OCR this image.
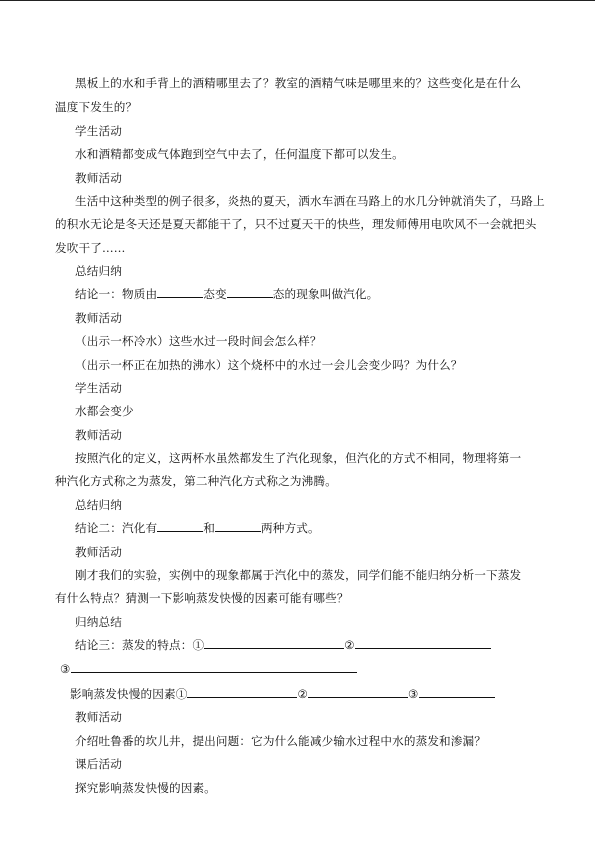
黑板上的水和手背上的酒精哪里去了？教室的酒精气味是哪里来的？这些变化是在什么
温度下发生的？
学生活动
水和酒精都变成气体跑到空气中去了，任何温度下都可以发生。
教师活动
生活中这种类型的例子很多，炎热的夏天，洒水车洒在马路上的水几分钟就消失了，马路上
的积水无论是冬天还是夏天都能干了，只不过夏天干的快些，理发师傅用电吹风不一会就把头
发吹干了……
总结归纳
结论一：物质由	态变	态的现象叫做汽化。
教师活动
（出示一杯冷水）这些水过一段时间会怎么样？
（出示一杯正在加热的沸水）这个烧杯中的水过一会儿会变少吗？为什么？
学生活动
水都会变少
教师活动
按照汽化的定义，这两杯水虽然都发生了汽化现象，但汽化的方式不相同，物理将第一
种汽化方式称之为蒸发，第二种汽化方式称之为沸腾。
总结归纳
结论二：汽化有	和	两种方式。
教师活动
刚才我们的实验，实例中的现象都属于汽化中的蒸发，同学们能不能归纳分析一下蒸发
有什么特点？猜测一下影响蒸发快慢的因素可能有哪些？
归纳总结
结论三：蒸发的特点：①	②
③
影响蒸发快慢的因素①	②	③
教师活动
介绍吐鲁番的坎儿井，提出问题：它为什么能减少输水过程中水的蒸发和渗漏？
课后活动
探究影响蒸发快慢的因素。
